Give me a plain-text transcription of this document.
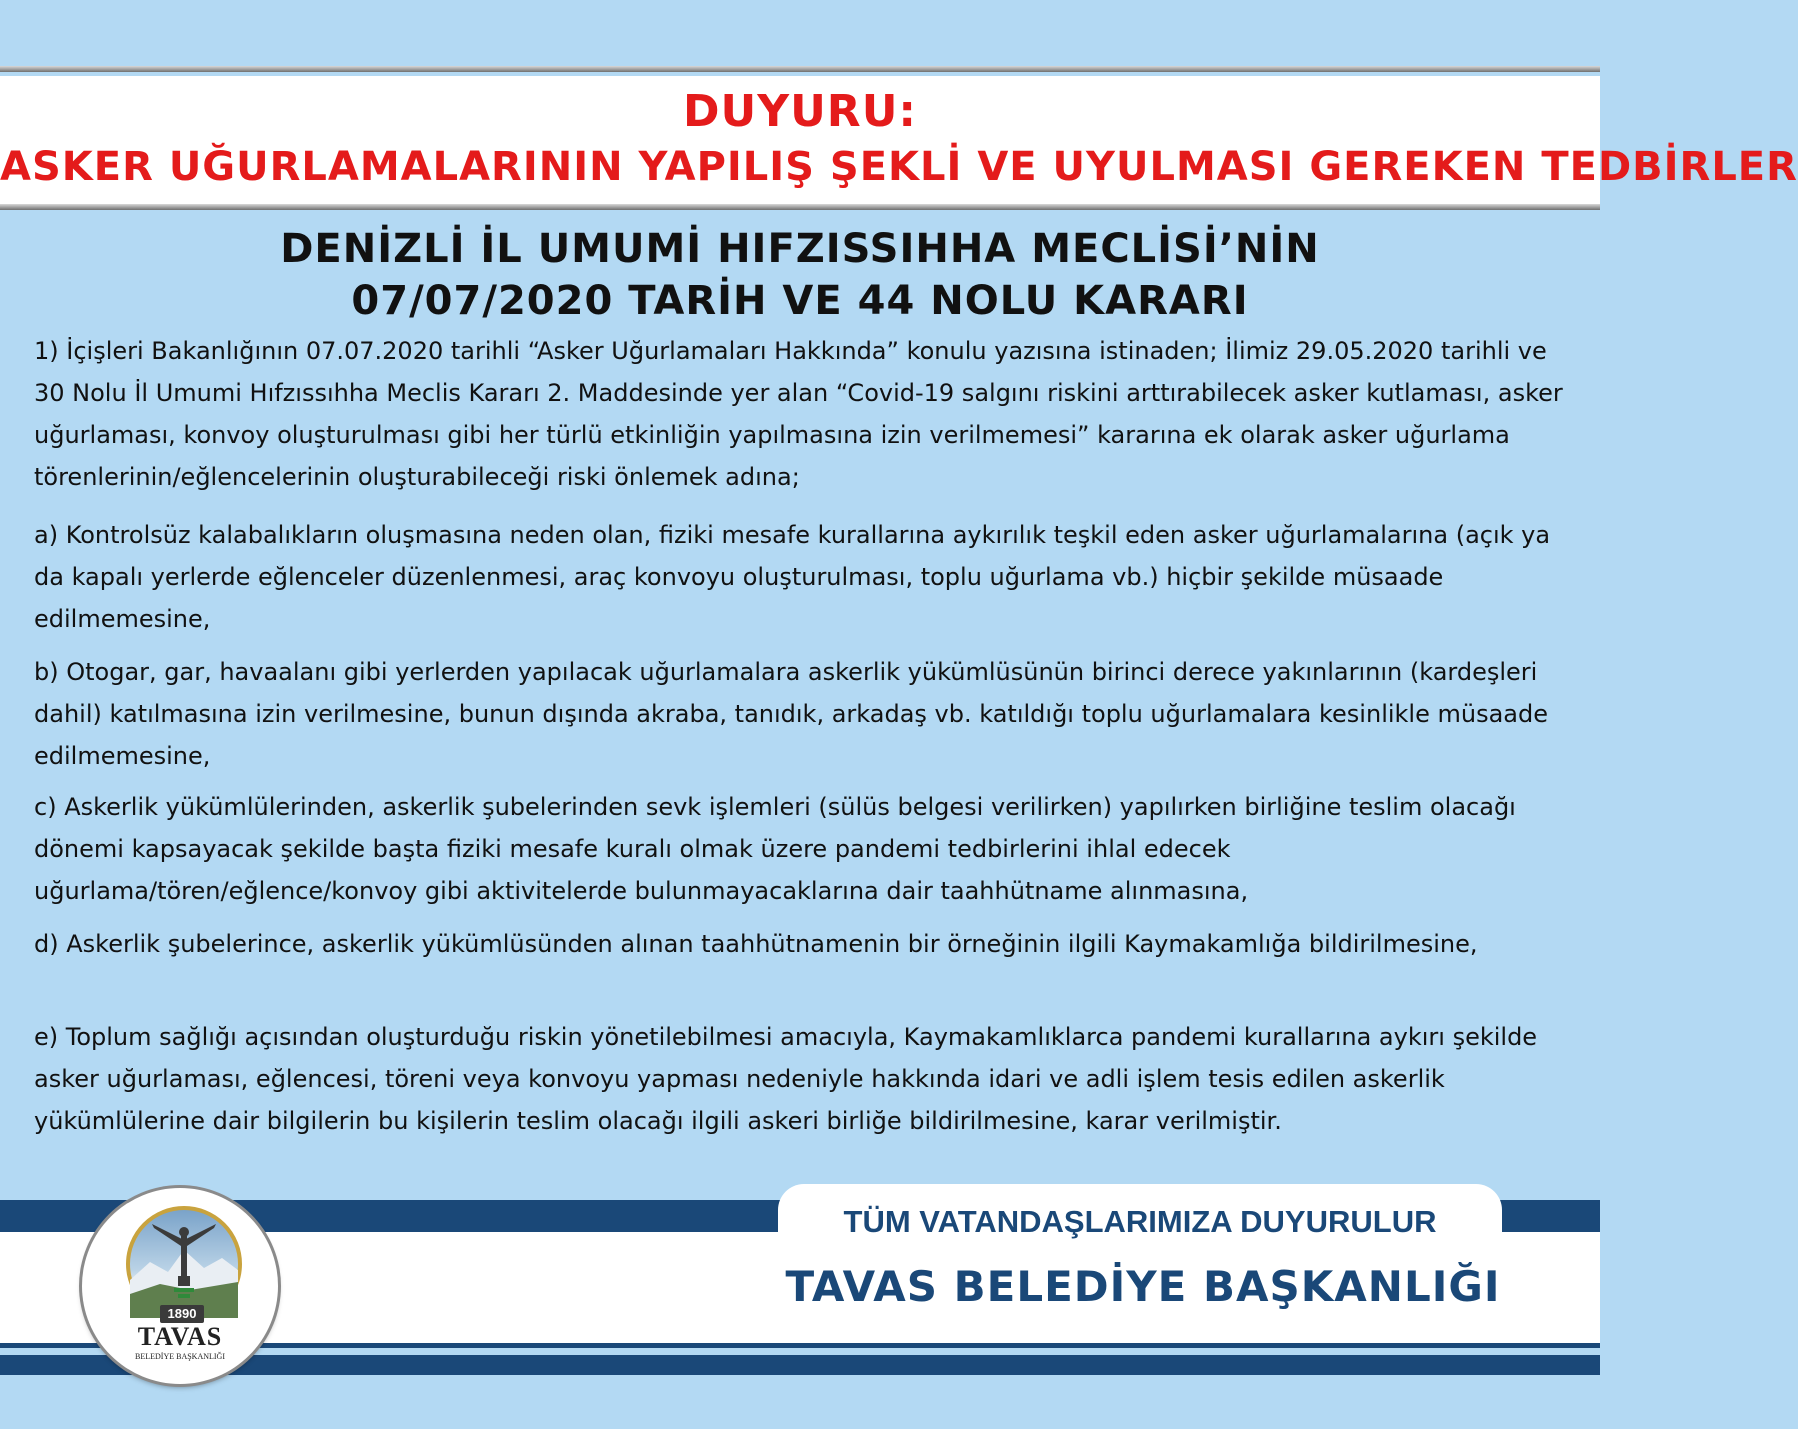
DUYURU:
ASKER UĞURLAMALARININ YAPILIŞ ŞEKLİ VE UYULMASI GEREKEN TEDBİRLER
DENİZLİ İL UMUMİ HIFZISSIHHA MECLİSİ’NİN
07/07/2020 TARİH VE 44 NOLU KARARI
1) İçişleri Bakanlığının 07.07.2020 tarihli “Asker Uğurlamaları Hakkında” konulu yazısına istinaden; İlimiz 29.05.2020 tarihli ve 30 Nolu İl Umumi Hıfzıssıhha Meclis Kararı 2. Maddesinde yer alan “Covid-19 salgını riskini arttırabilecek asker kutlaması, asker uğurlaması, konvoy oluşturulması gibi her türlü etkinliğin yapılmasına izin verilmemesi” kararına ek olarak asker uğurlama törenlerinin/eğlencelerinin oluşturabileceği riski önlemek adına;
a) Kontrolsüz kalabalıkların oluşmasına neden olan, fiziki mesafe kurallarına aykırılık teşkil eden asker uğurlamalarına (açık ya da kapalı yerlerde eğlenceler düzenlenmesi, araç konvoyu oluşturulması, toplu uğurlama vb.) hiçbir şekilde müsaade edilmemesine,
b) Otogar, gar, havaalanı gibi yerlerden yapılacak uğurlamalara askerlik yükümlüsünün birinci derece yakınlarının (kardeşleri dahil) katılmasına izin verilmesine, bunun dışında akraba, tanıdık, arkadaş vb. katıldığı toplu uğurlamalara kesinlikle müsaade edilmemesine,
c) Askerlik yükümlülerinden, askerlik şubelerinden sevk işlemleri (sülüs belgesi verilirken) yapılırken birliğine teslim olacağı dönemi kapsayacak şekilde başta fiziki mesafe kuralı olmak üzere pandemi tedbirlerini ihlal edecek uğurlama/tören/eğlence/konvoy gibi aktivitelerde bulunmayacaklarına dair taahhütname alınmasına,
d) Askerlik şubelerince, askerlik yükümlüsünden alınan taahhütnamenin bir örneğinin ilgili Kaymakamlığa bildirilmesine,
e) Toplum sağlığı açısından oluşturduğu riskin yönetilebilmesi amacıyla, Kaymakamlıklarca pandemi kurallarına aykırı şekilde asker uğurlaması, eğlencesi, töreni veya konvoyu yapması nedeniyle hakkında idari ve adli işlem tesis edilen askerlik yükümlülerine dair bilgilerin bu kişilerin teslim olacağı ilgili askeri birliğe bildirilmesine, karar verilmiştir.
TÜM VATANDAŞLARIMIZA DUYURULUR
TAVAS BELEDİYE BAŞKANLIĞI
1890
TAVAS
BELEDİYE BAŞKANLIĞI
